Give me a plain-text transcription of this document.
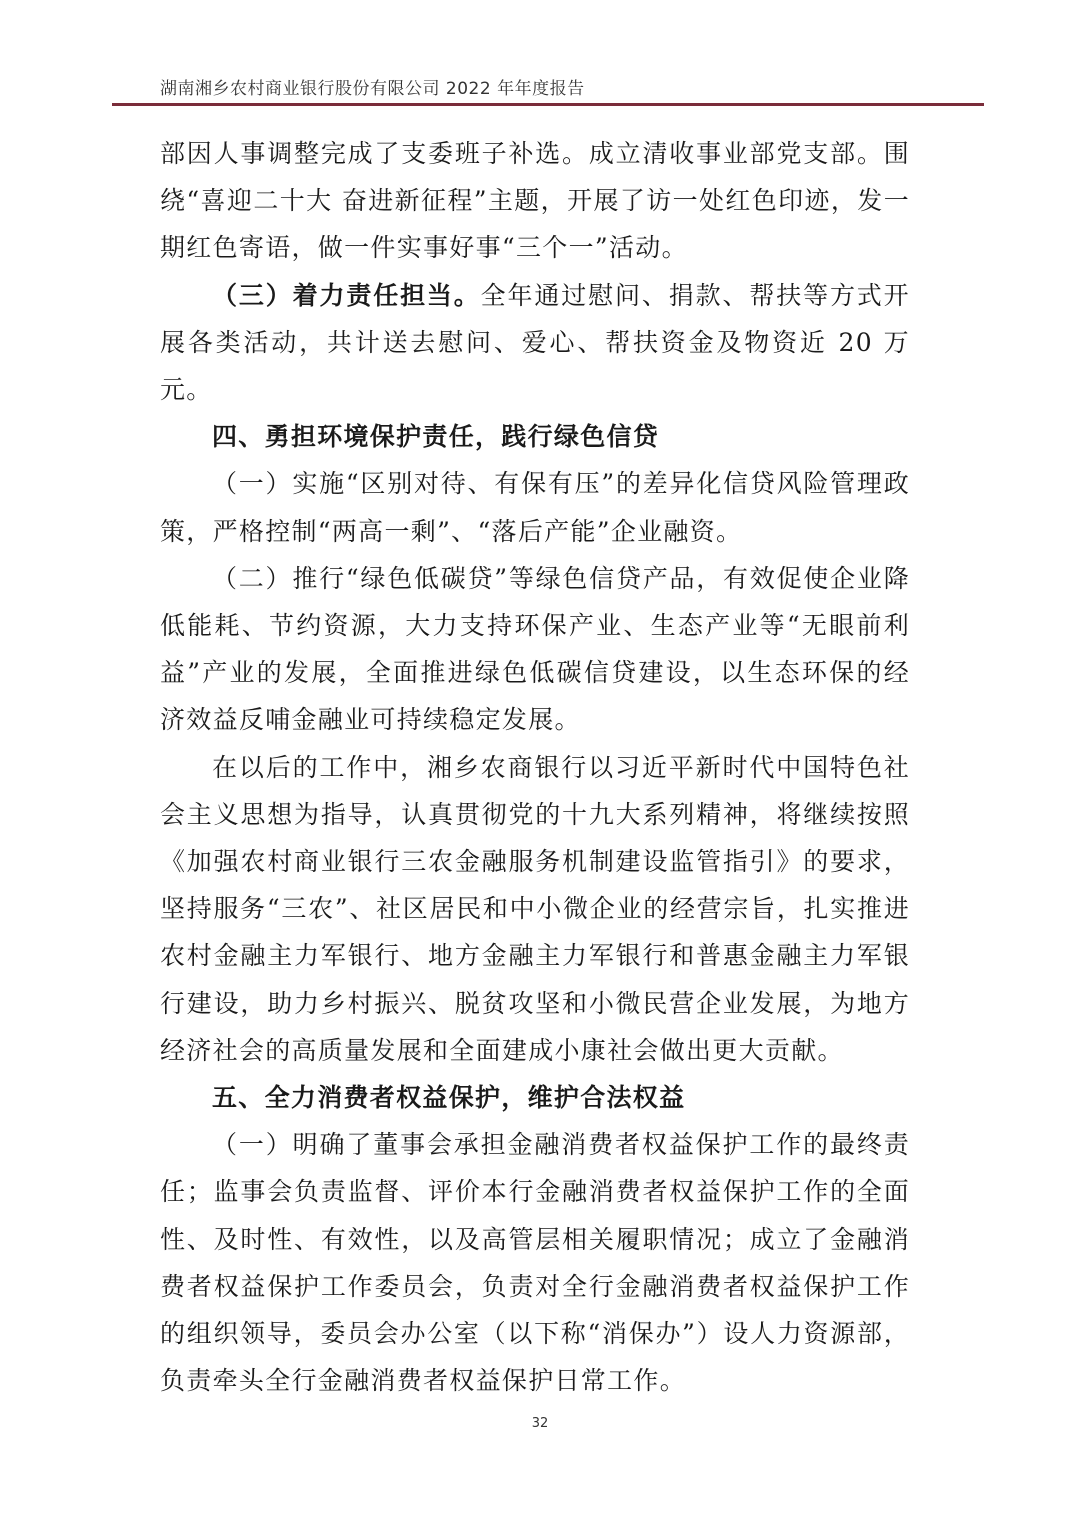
湖南湘乡农村商业银行股份有限公司 2022 年年度报告

部因人事调整完成了支委班子补选。成立清收事业部党支部。围绕“喜迎二十大 奋进新征程”主题，开展了访一处红色印迹，发一期红色寄语，做一件实事好事“三个一”活动。

（三）着力责任担当。全年通过慰问、捐款、帮扶等方式开展各类活动，共计送去慰问、爱心、帮扶资金及物资近 20 万元。

四、勇担环境保护责任，践行绿色信贷

（一）实施“区别对待、有保有压”的差异化信贷风险管理政策，严格控制“两高一剩”、“落后产能”企业融资。

（二）推行“绿色低碳贷”等绿色信贷产品，有效促使企业降低能耗、节约资源，大力支持环保产业、生态产业等“无眼前利益”产业的发展，全面推进绿色低碳信贷建设，以生态环保的经济效益反哺金融业可持续稳定发展。

在以后的工作中，湘乡农商银行以习近平新时代中国特色社会主义思想为指导，认真贯彻党的十九大系列精神，将继续按照《加强农村商业银行三农金融服务机制建设监管指引》的要求，坚持服务“三农”、社区居民和中小微企业的经营宗旨，扎实推进农村金融主力军银行、地方金融主力军银行和普惠金融主力军银行建设，助力乡村振兴、脱贫攻坚和小微民营企业发展，为地方经济社会的高质量发展和全面建成小康社会做出更大贡献。

五、全力消费者权益保护，维护合法权益

（一）明确了董事会承担金融消费者权益保护工作的最终责任；监事会负责监督、评价本行金融消费者权益保护工作的全面性、及时性、有效性，以及高管层相关履职情况；成立了金融消费者权益保护工作委员会，负责对全行金融消费者权益保护工作的组织领导，委员会办公室（以下称“消保办”）设人力资源部，负责牵头全行金融消费者权益保护日常工作。

32
